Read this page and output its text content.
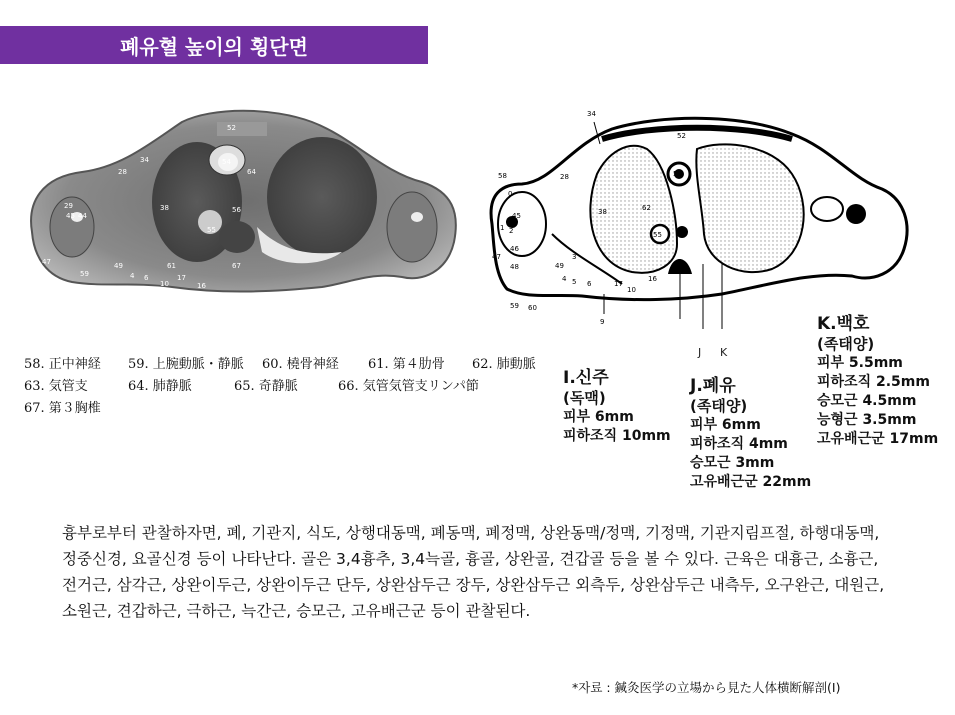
폐유혈 높이의 횡단면
52
54
64
28
34
38	56
55
29
45 44
47	49	61	67
17
16
59	4 6
10
34
52
28	54
58
0
38	62
55
45
1 2
46
47
48	49
3
4 5 6
10
17
16
67
59 60
9
J K
58. 正中神経	59. 上腕動脈・静脈	60. 橈骨神経	61. 第４肋骨	62. 肺動脈
63. 気管支	64. 肺静脈	65. 奇静脈	66. 気管気管支リンパ節
67. 第３胸椎
I.신주
(독맥)
피부 6mm
피하조직 10mm
J.폐유
(족태양)
피부 6mm
피하조직 4mm
승모근 3mm
고유배근군 22mm
K.백호
(족태양)
피부 5.5mm
피하조직 2.5mm
승모근 4.5mm
능형근 3.5mm
고유배근군 17mm
흉부로부터 관찰하자면, 폐, 기관지, 식도, 상행대동맥, 폐동맥, 폐정맥, 상완동맥/정맥, 기정맥, 기관지림프절, 하행대동맥, 정중신경, 요골신경 등이 나타난다. 골은 3,4흉추, 3,4늑골, 흉골, 상완골, 견갑골 등을 볼 수 있다. 근육은 대흉근, 소흉근, 전거근, 삼각근, 상완이두근, 상완이두근 단두, 상완삼두근 장두, 상완삼두근 외측두, 상완삼두근 내측두, 오구완근, 대원근, 소원근, 견갑하근, 극하근, 늑간근, 승모근, 고유배근군 등이 관찰된다.
*자료 : 鍼灸医学の立場から見た人体横断解剖(I)
